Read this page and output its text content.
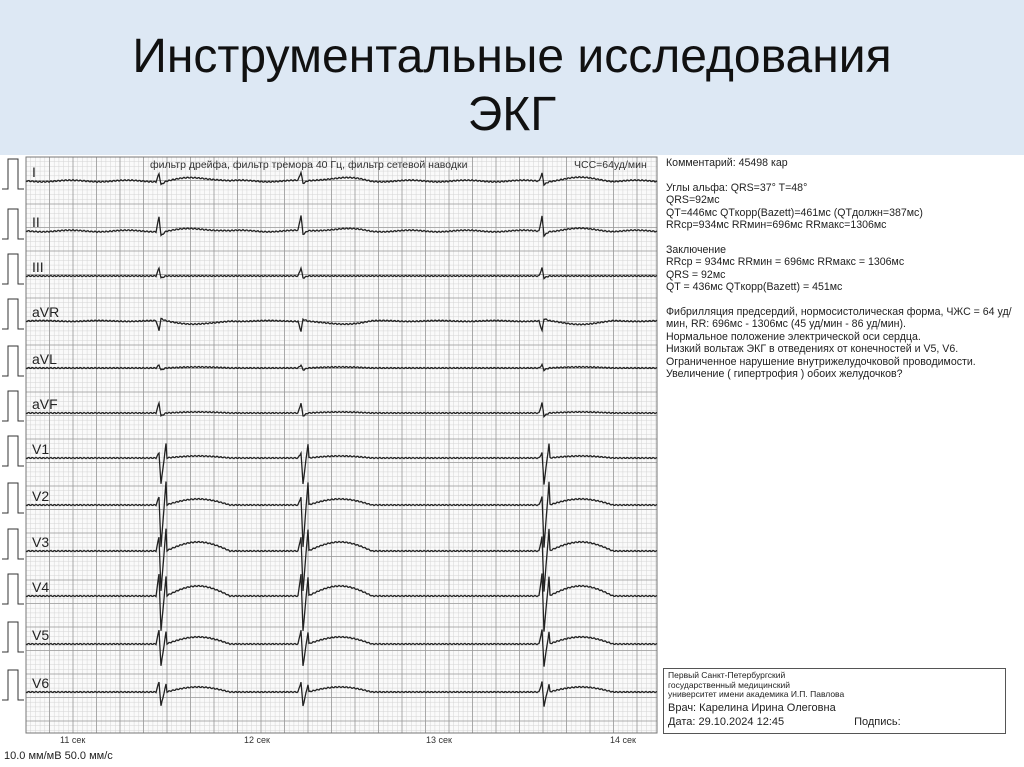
Инструментальные исследования
ЭКГ
фильтр дрейфа, фильтр тремора 40 Гц, фильтр сетевой наводки	ЧСС=64уд/мин
I
II
III
aVR
aVL
aVF
V1
V2
V3
V4
V5
V6
11 сек	12 сек	13 сек	14 сек
10.0 мм/мВ 50.0 мм/с
Комментарий: 45498 кар
Углы альфа: QRS=37° T=48°
QRS=92мс
QT=446мс QTкорр(Bazett)=461мс (QTдолжн=387мс)
RRср=934мс RRмин=696мс RRмакс=1306мс
Заключение
RRср = 934мс RRмин = 696мс RRмакс = 1306мс
QRS = 92мс
QT = 436мс QTкорр(Bazett) = 451мс
Фибрилляция предсердий, нормосистолическая форма, ЧЖС = 64 уд/мин, RR: 696мс - 1306мс (45 уд/мин - 86 уд/мин).
Нормальное положение электрической оси сердца.
Низкий вольтаж ЭКГ в отведениях от конечностей и V5, V6.
Ограниченное нарушение внутрижелудочковой проводимости.
Увеличение ( гипертрофия ) обоих желудочков?
Первый Санкт-Петербургский
государственный медицинский
университет имени академика И.П. Павлова
Врач: Карелина Ирина Олеговна
Дата: 29.10.2024 12:45	Подпись:
